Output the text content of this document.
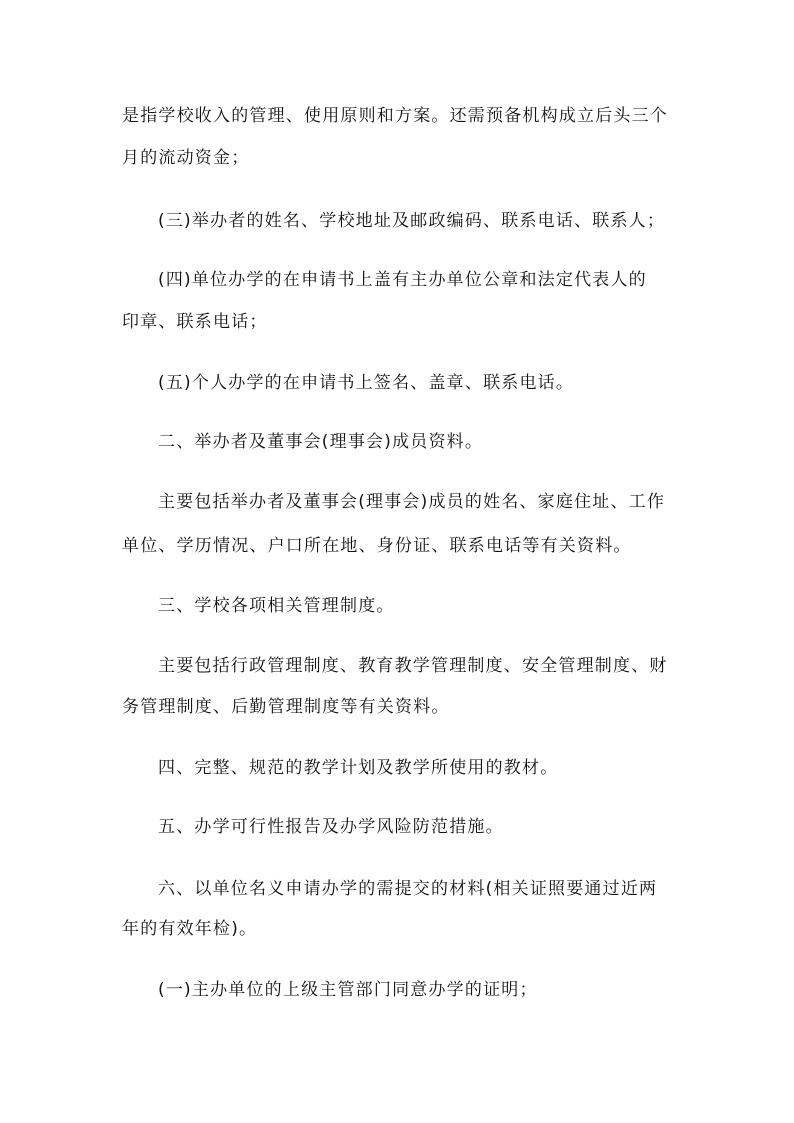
是指学校收入的管理、使用原则和方案。还需预备机构成立后头三个
月的流动资金；
(三)举办者的姓名、学校地址及邮政编码、联系电话、联系人；
(四)单位办学的在申请书上盖有主办单位公章和法定代表人的
印章、联系电话；
(五)个人办学的在申请书上签名、盖章、联系电话。
二、举办者及董事会(理事会)成员资料。
主要包括举办者及董事会(理事会)成员的姓名、家庭住址、工作
单位、学历情况、户口所在地、身份证、联系电话等有关资料。
三、学校各项相关管理制度。
主要包括行政管理制度、教育教学管理制度、安全管理制度、财
务管理制度、后勤管理制度等有关资料。
四、完整、规范的教学计划及教学所使用的教材。
五、办学可行性报告及办学风险防范措施。
六、以单位名义申请办学的需提交的材料(相关证照要通过近两
年的有效年检)。
(一)主办单位的上级主管部门同意办学的证明；
